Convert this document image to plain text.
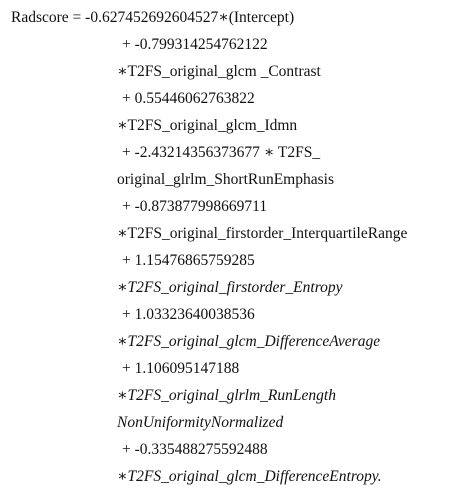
Radscore = -0.627452692604527∗(Intercept)
+ -0.799314254762122
∗T2FS_original_glcm _Contrast
+ 0.55446062763822
∗T2FS_original_glcm_Idmn
+ -2.43214356373677 ∗ T2FS_
original_glrlm_ShortRunEmphasis
+ -0.873877998669711
∗T2FS_original_firstorder_InterquartileRange
+ 1.15476865759285
∗T2FS_original_firstorder_Entropy
+ 1.03323640038536
∗T2FS_original_glcm_DifferenceAverage
+ 1.106095147188
∗T2FS_original_glrlm_RunLength
NonUniformityNormalized
+ -0.335488275592488
∗T2FS_original_glcm_DifferenceEntropy.
